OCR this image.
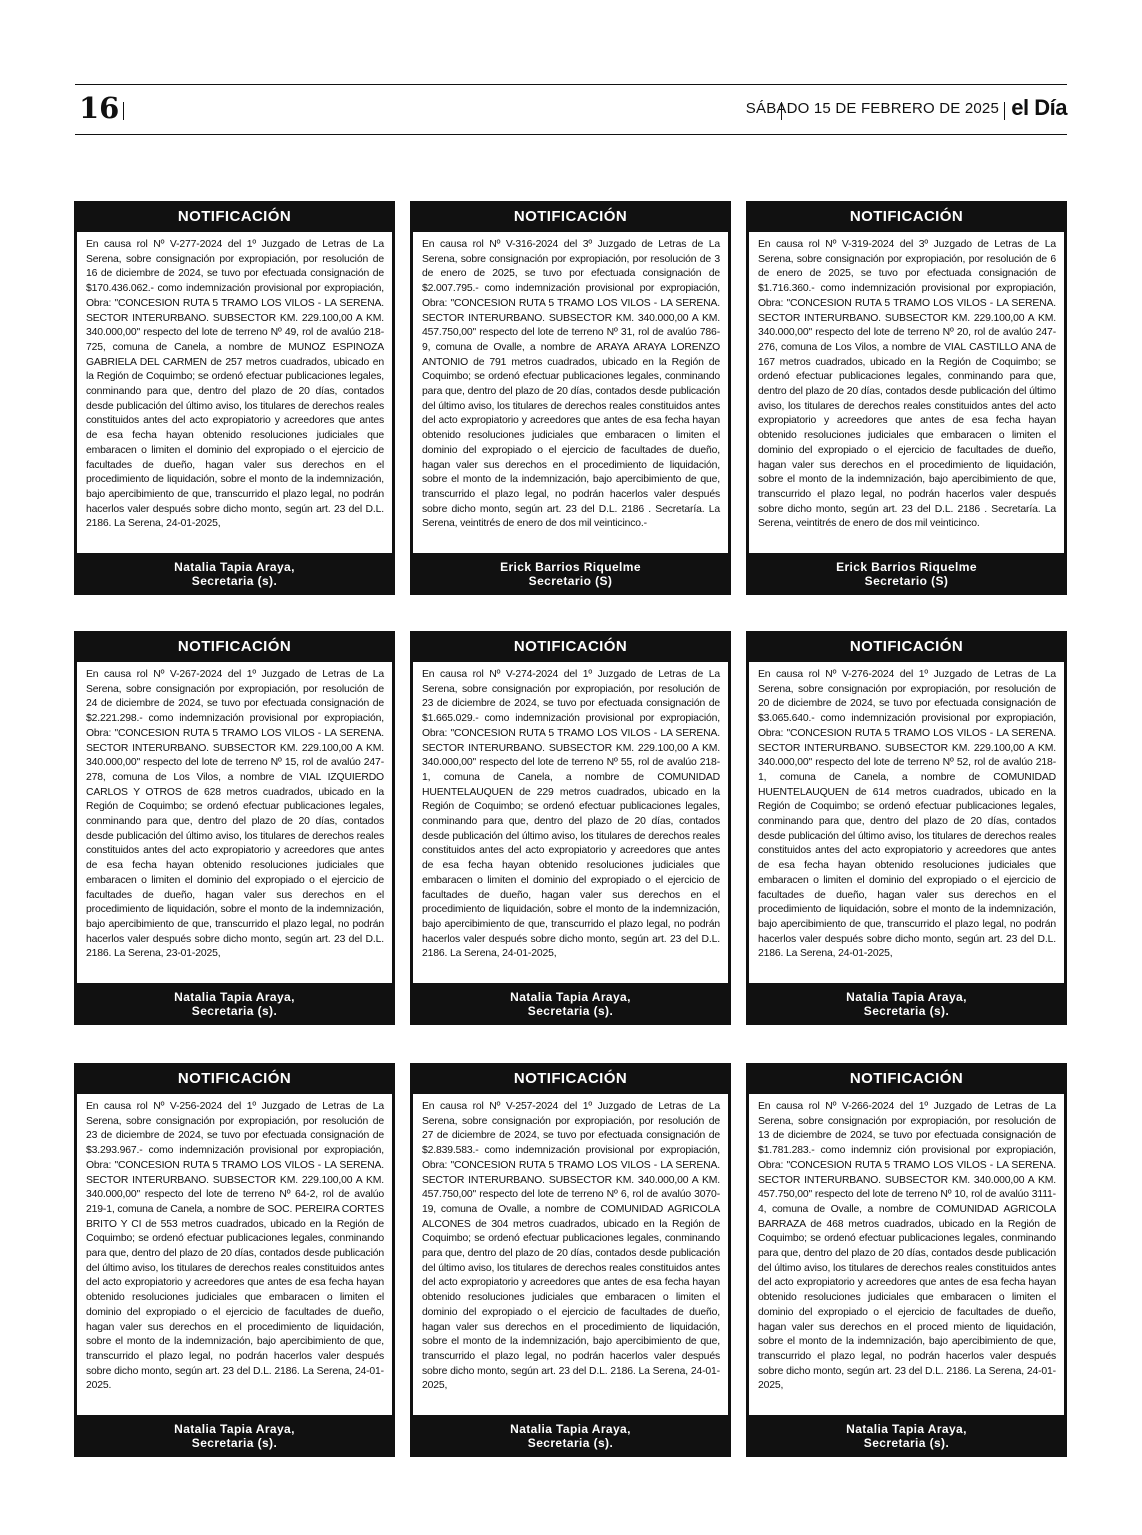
16	SÁBADO 15 DE FEBRERO DE 2025 el Día
NOTIFICACIÓN

En causa rol Nº V-277-2024 del 1º Juzgado de Letras de La Serena, sobre consignación por expropiación, por resolución de 16 de diciembre de 2024, se tuvo por efectuada consignación de $170.436.062.- como indemnización provisional por expropiación, Obra: "CONCESION RUTA 5 TRAMO LOS VILOS - LA SERENA. SECTOR INTERURBANO. SUBSECTOR KM. 229.100,00 A KM. 340.000,00" respecto del lote de terreno Nº 49, rol de avalúo 218-725, comuna de Canela, a nombre de MUNOZ ESPINOZA GABRIELA DEL CARMEN de 257 metros cuadrados, ubicado en la Región de Coquimbo; se ordenó efectuar publicaciones legales, conminando para que, dentro del plazo de 20 días, contados desde publicación del último aviso, los titulares de derechos reales constituidos antes del acto expropiatorio y acreedores que antes de esa fecha hayan obtenido resoluciones judiciales que embaracen o limiten el dominio del expropiado o el ejercicio de facultades de dueño, hagan valer sus derechos en el procedimiento de liquidación, sobre el monto de la indemnización, bajo apercibimiento de que, transcurrido el plazo legal, no podrán hacerlos valer después sobre dicho monto, según art. 23 del D.L. 2186. La Serena, 24-01-2025,

Natalia Tapia Araya,
Secretaria (s).
NOTIFICACIÓN

En causa rol Nº V-316-2024 del 3º Juzgado de Letras de La Serena, sobre consignación por expropiación, por resolución de 3 de enero de 2025, se tuvo por efectuada consignación de $2.007.795.- como indemnización provisional por expropiación, Obra: "CONCESION RUTA 5 TRAMO LOS VILOS - LA SERENA. SECTOR INTERURBANO. SUBSECTOR KM. 340.000,00 A KM. 457.750,00" respecto del lote de terreno Nº 31, rol de avalúo 786-9, comuna de Ovalle, a nombre de ARAYA ARAYA LORENZO ANTONIO de 791 metros cuadrados, ubicado en la Región de Coquimbo; se ordenó efectuar publicaciones legales, conminando para que, dentro del plazo de 20 días, contados desde publicación del último aviso, los titulares de derechos reales constituidos antes del acto expropiatorio y acreedores que antes de esa fecha hayan obtenido resoluciones judiciales que embaracen o limiten el dominio del expropiado o el ejercicio de facultades de dueño, hagan valer sus derechos en el procedimiento de liquidación, sobre el monto de la indemnización, bajo apercibimiento de que, transcurrido el plazo legal, no podrán hacerlos valer después sobre dicho monto, según art. 23 del D.L. 2186 . Secretaría. La Serena, veintitrés de enero de dos mil veinticinco.-

Erick Barrios Riquelme
Secretario (S)
NOTIFICACIÓN

En causa rol Nº V-319-2024 del 3º Juzgado de Letras de La Serena, sobre consignación por expropiación, por resolución de 6 de enero de 2025, se tuvo por efectuada consignación de $1.716.360.- como indemnización provisional por expropiación, Obra: "CONCESION RUTA 5 TRAMO LOS VILOS - LA SERENA. SECTOR INTERURBANO. SUBSECTOR KM. 229.100,00 A KM. 340.000,00" respecto del lote de terreno Nº 20, rol de avalúo 247-276, comuna de Los Vilos, a nombre de VIAL CASTILLO ANA de 167 metros cuadrados, ubicado en la Región de Coquimbo; se ordenó efectuar publicaciones legales, conminando para que, dentro del plazo de 20 días, contados desde publicación del último aviso, los titulares de derechos reales constituidos antes del acto expropiatorio y acreedores que antes de esa fecha hayan obtenido resoluciones judiciales que embaracen o limiten el dominio del expropiado o el ejercicio de facultades de dueño, hagan valer sus derechos en el procedimiento de liquidación, sobre el monto de la indemnización, bajo apercibimiento de que, transcurrido el plazo legal, no podrán hacerlos valer después sobre dicho monto, según art. 23 del D.L. 2186 . Secretaría. La Serena, veintitrés de enero de dos mil veinticinco.

Erick Barrios Riquelme
Secretario (S)
NOTIFICACIÓN

En causa rol Nº V-267-2024 del 1º Juzgado de Letras de La Serena, sobre consignación por expropiación, por resolución de 24 de diciembre de 2024, se tuvo por efectuada consignación de $2.221.298.- como indemnización provisional por expropiación, Obra: "CONCESION RUTA 5 TRAMO LOS VILOS - LA SERENA. SECTOR INTERURBANO. SUBSECTOR KM. 229.100,00 A KM. 340.000,00" respecto del lote de terreno Nº 15, rol de avalúo 247-278, comuna de Los Vilos, a nombre de VIAL IZQUIERDO CARLOS Y OTROS de 628 metros cuadrados, ubicado en la Región de Coquimbo; se ordenó efectuar publicaciones legales, conminando para que, dentro del plazo de 20 días, contados desde publicación del último aviso, los titulares de derechos reales constituidos antes del acto expropiatorio y acreedores que antes de esa fecha hayan obtenido resoluciones judiciales que embaracen o limiten el dominio del expropiado o el ejercicio de facultades de dueño, hagan valer sus derechos en el procedimiento de liquidación, sobre el monto de la indemnización, bajo apercibimiento de que, transcurrido el plazo legal, no podrán hacerlos valer después sobre dicho monto, según art. 23 del D.L. 2186. La Serena, 23-01-2025,

Natalia Tapia Araya,
Secretaria (s).
NOTIFICACIÓN

En causa rol Nº V-274-2024 del 1º Juzgado de Letras de La Serena, sobre consignación por expropiación, por resolución de 23 de diciembre de 2024, se tuvo por efectuada consignación de $1.665.029.- como indemnización provisional por expropiación, Obra: "CONCESION RUTA 5 TRAMO LOS VILOS - LA SERENA. SECTOR INTERURBANO. SUBSECTOR KM. 229.100,00 A KM. 340.000,00" respecto del lote de terreno Nº 55, rol de avalúo 218-1, comuna de Canela, a nombre de COMUNIDAD HUENTELAUQUEN de 229 metros cuadrados, ubicado en la Región de Coquimbo; se ordenó efectuar publicaciones legales, conminando para que, dentro del plazo de 20 días, contados desde publicación del último aviso, los titulares de derechos reales constituidos antes del acto expropiatorio y acreedores que antes de esa fecha hayan obtenido resoluciones judiciales que embaracen o limiten el dominio del expropiado o el ejercicio de facultades de dueño, hagan valer sus derechos en el procedimiento de liquidación, sobre el monto de la indemnización, bajo apercibimiento de que, transcurrido el plazo legal, no podrán hacerlos valer después sobre dicho monto, según art. 23 del D.L. 2186. La Serena, 24-01-2025,

Natalia Tapia Araya,
Secretaria (s).
NOTIFICACIÓN

En causa rol Nº V-276-2024 del 1º Juzgado de Letras de La Serena, sobre consignación por expropiación, por resolución de 20 de diciembre de 2024, se tuvo por efectuada consignación de $3.065.640.- como indemnización provisional por expropiación, Obra: "CONCESION RUTA 5 TRAMO LOS VILOS - LA SERENA. SECTOR INTERURBANO. SUBSECTOR KM. 229.100,00 A KM. 340.000,00" respecto del lote de terreno Nº 52, rol de avalúo 218-1, comuna de Canela, a nombre de COMUNIDAD HUENTELAUQUEN de 614 metros cuadrados, ubicado en la Región de Coquimbo; se ordenó efectuar publicaciones legales, conminando para que, dentro del plazo de 20 días, contados desde publicación del último aviso, los titulares de derechos reales constituidos antes del acto expropiatorio y acreedores que antes de esa fecha hayan obtenido resoluciones judiciales que embaracen o limiten el dominio del expropiado o el ejercicio de facultades de dueño, hagan valer sus derechos en el procedimiento de liquidación, sobre el monto de la indemnización, bajo apercibimiento de que, transcurrido el plazo legal, no podrán hacerlos valer después sobre dicho monto, según art. 23 del D.L. 2186. La Serena, 24-01-2025,

Natalia Tapia Araya,
Secretaria (s).
NOTIFICACIÓN

En causa rol Nº V-256-2024 del 1º Juzgado de Letras de La Serena, sobre consignación por expropiación, por resolución de 23 de diciembre de 2024, se tuvo por efectuada consignación de $3.293.967.- como indemnización provisional por expropiación, Obra: "CONCESION RUTA 5 TRAMO LOS VILOS - LA SERENA. SECTOR INTERURBANO. SUBSECTOR KM. 229.100,00 A KM. 340.000,00" respecto del lote de terreno Nº 64-2, rol de avalúo 219-1, comuna de Canela, a nombre de SOC. PEREIRA CORTES BRITO Y CI de 553 metros cuadrados, ubicado en la Región de Coquimbo; se ordenó efectuar publicaciones legales, conminando para que, dentro del plazo de 20 días, contados desde publicación del último aviso, los titulares de derechos reales constituidos antes del acto expropiatorio y acreedores que antes de esa fecha hayan obtenido resoluciones judiciales que embaracen o limiten el dominio del expropiado o el ejercicio de facultades de dueño, hagan valer sus derechos en el procedimiento de liquidación, sobre el monto de la indemnización, bajo apercibimiento de que, transcurrido el plazo legal, no podrán hacerlos valer después sobre dicho monto, según art. 23 del D.L. 2186. La Serena, 24-01-2025.

Natalia Tapia Araya,
Secretaria (s).
NOTIFICACIÓN

En causa rol Nº V-257-2024 del 1º Juzgado de Letras de La Serena, sobre consignación por expropiación, por resolución de 27 de diciembre de 2024, se tuvo por efectuada consignación de $2.839.583.- como indemnización provisional por expropiación, Obra: "CONCESION RUTA 5 TRAMO LOS VILOS - LA SERENA. SECTOR INTERURBANO. SUBSECTOR KM. 340.000,00 A KM. 457.750,00" respecto del lote de terreno Nº 6, rol de avalúo 3070-19, comuna de Ovalle, a nombre de COMUNIDAD AGRICOLA ALCONES de 304 metros cuadrados, ubicado en la Región de Coquimbo; se ordenó efectuar publicaciones legales, conminando para que, dentro del plazo de 20 días, contados desde publicación del último aviso, los titulares de derechos reales constituidos antes del acto expropiatorio y acreedores que antes de esa fecha hayan obtenido resoluciones judiciales que embaracen o limiten el dominio del expropiado o el ejercicio de facultades de dueño, hagan valer sus derechos en el procedimiento de liquidación, sobre el monto de la indemnización, bajo apercibimiento de que, transcurrido el plazo legal, no podrán hacerlos valer después sobre dicho monto, según art. 23 del D.L. 2186. La Serena, 24-01-2025,

Natalia Tapia Araya,
Secretaria (s).
NOTIFICACIÓN

En causa rol Nº V-266-2024 del 1º Juzgado de Letras de La Serena, sobre consignación por expropiación, por resolución de 13 de diciembre de 2024, se tuvo por efectuada consignación de $1.781.283.- como indemniz ción provisional por expropiación, Obra: "CONCESION RUTA 5 TRAMO LOS VILOS - LA SERENA. SECTOR INTERURBANO. SUBSECTOR KM. 340.000,00 A KM. 457.750,00" respecto del lote de terreno Nº 10, rol de avalúo 3111-4, comuna de Ovalle, a nombre de COMUNIDAD AGRICOLA BARRAZA de 468 metros cuadrados, ubicado en la Región de Coquimbo; se ordenó efectuar publicaciones legales, conminando para que, dentro del plazo de 20 días, contados desde publicación del último aviso, los titulares de derechos reales constituidos antes del acto expropiatorio y acreedores que antes de esa fecha hayan obtenido resoluciones judiciales que embaracen o limiten el dominio del expropiado o el ejercicio de facultades de dueño, hagan valer sus derechos en el proced miento de liquidación, sobre el monto de la indemnización, bajo apercibimiento de que, transcurrido el plazo legal, no podrán hacerlos valer después sobre dicho monto, según art. 23 del D.L. 2186. La Serena, 24-01-2025,

Natalia Tapia Araya,
Secretaria (s).
